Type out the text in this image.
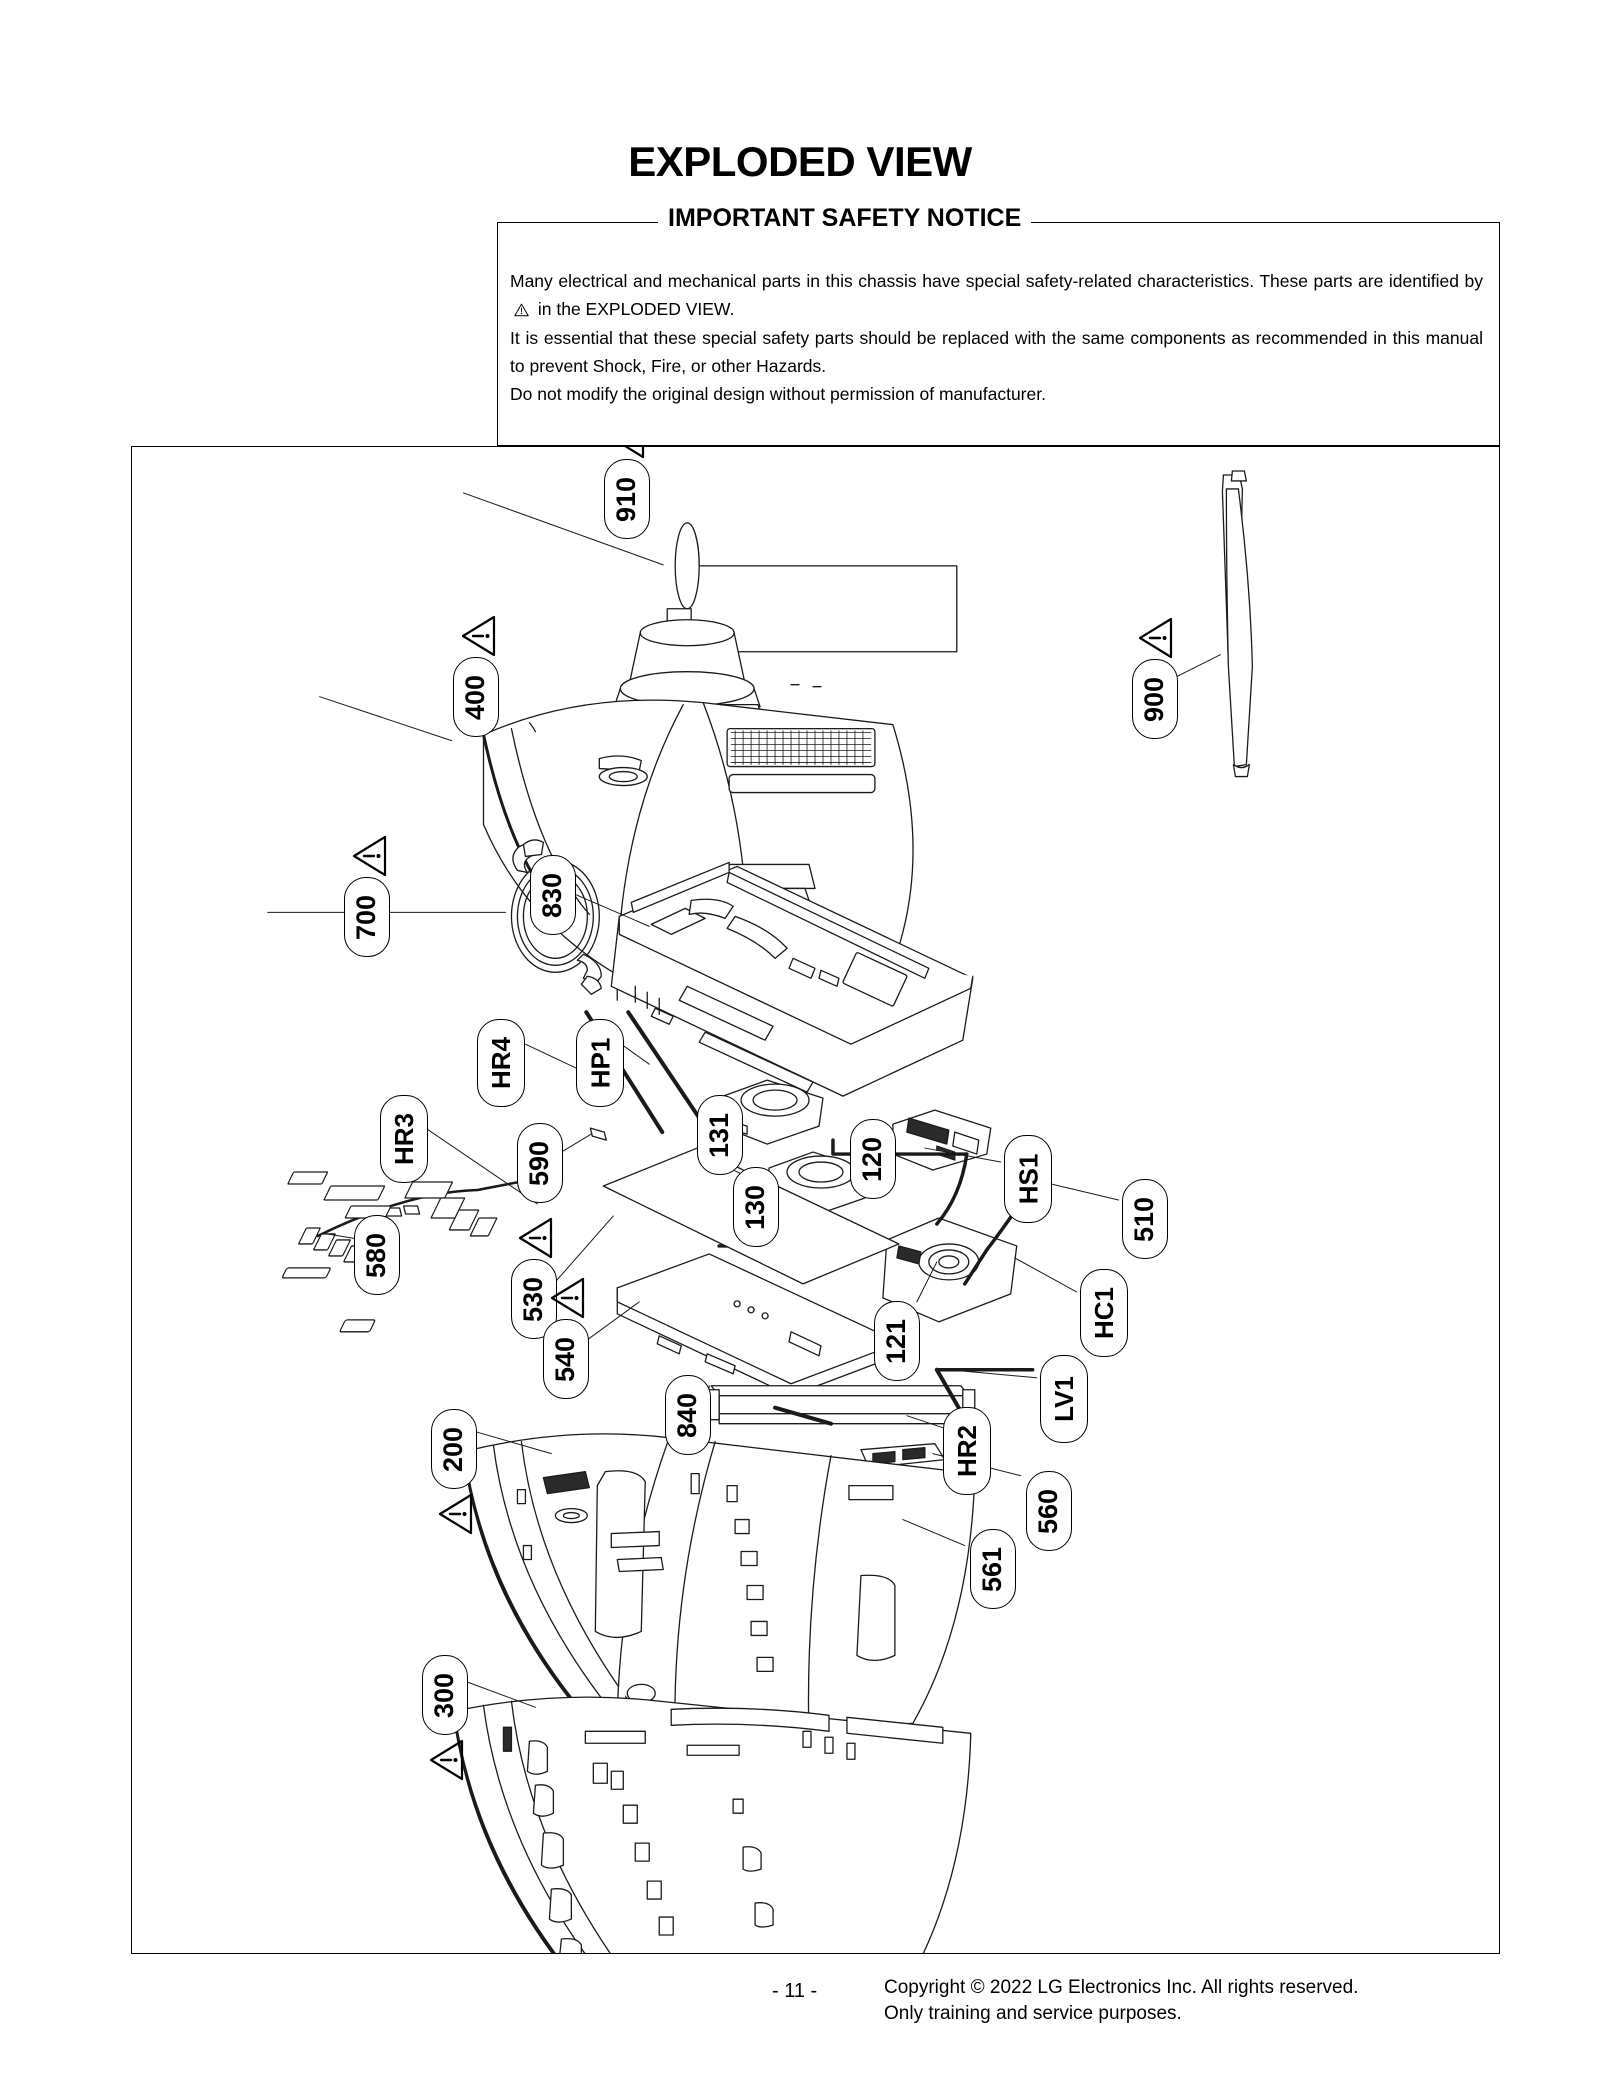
EXPLODED VIEW
IMPORTANT SAFETY NOTICE

Many electrical and mechanical parts in this chassis have special safety-related characteristics. These parts are identified by
in the EXPLODED VIEW.

It is essential that these special safety parts should be replaced with the same components as recommended in this manual to prevent Shock, Fire, or other Hazards.

Do not modify the original design without permission of manufacturer.

910
400	900
700	830
HR4	HP1
HR3	590
580
131
130
120
121
HS1
510
HC1
530
540
840
HR2
LV1
200
560
561
300
- 11 -	Copyright © 2022 LG Electronics Inc. All rights reserved.
Only training and service purposes.
